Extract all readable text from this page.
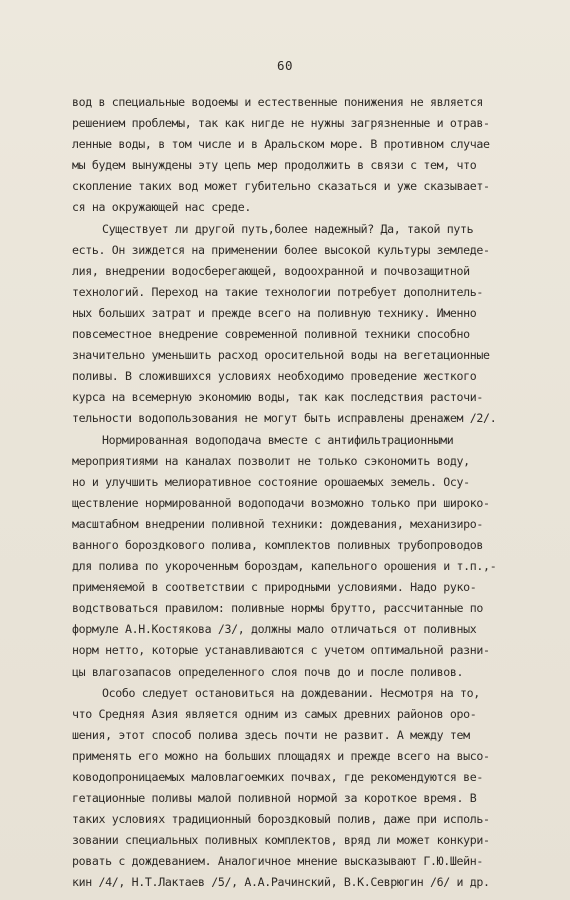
60
вод в специальные водоемы и естественные понижения не является
решением проблемы, так как нигде не нужны загрязненные и отрав-
ленные воды, в том числе и в Аральском море. В противном случае
мы будем вынуждены эту цепь мер продолжить в связи с тем, что
скопление таких вод может губительно сказаться и уже сказывает-
ся на окружающей нас среде.
Существует ли другой путь,более надежный? Да, такой путь
есть. Он зиждется на применении более высокой культуры земледе-
лия, внедрении водосберегающей, водоохранной и почвозащитной
технологий. Переход на такие технологии потребует дополнитель-
ных больших затрат и прежде всего на поливную технику. Именно
повсеместное внедрение современной поливной техники способно
значительно уменьшить расход оросительной воды на вегетационные
поливы. В сложившихся условиях необходимо проведение жесткого
курса на всемерную экономию воды, так как последствия расточи-
тельности водопользования не могут быть исправлены дренажем /2/.
Нормированная водоподача вместе с антифильтрационными
мероприятиями на каналах позволит не только сэкономить воду,
но и улучшить мелиоративное состояние орошаемых земель. Осу-
ществление нормированной водоподачи возможно только при широко-
масштабном внедрении поливной техники: дождевания, механизиро-
ванного бороздкового полива, комплектов поливных трубопроводов
для полива по укороченным бороздам, капельного орошения и т.п.,-
применяемой в соответствии с природными условиями. Надо руко-
водствоваться правилом: поливные нормы брутто, рассчитанные по
формуле А.Н.Костякова /3/, должны мало отличаться от поливных
норм нетто, которые устанавливаются с учетом оптимальной разни-
цы влагозапасов определенного слоя почв до и после поливов.
Особо следует остановиться на дождевании. Несмотря на то,
что Средняя Азия является одним из самых древних районов оро-
шения, этот способ полива здесь почти не развит. А между тем
применять его можно на больших площадях и прежде всего на высо-
ководопроницаемых маловлагоемких почвах, где рекомендуются ве-
гетационные поливы малой поливной нормой за короткое время. В
таких условиях традиционный бороздковый полив, даже при исполь-
зовании специальных поливных комплектов, вряд ли может конкури-
ровать с дождеванием. Аналогичное мнение высказывают Г.Ю.Шейн-
кин /4/, Н.Т.Лактаев /5/, А.А.Рачинский, В.К.Севрюгин /6/ и др.
